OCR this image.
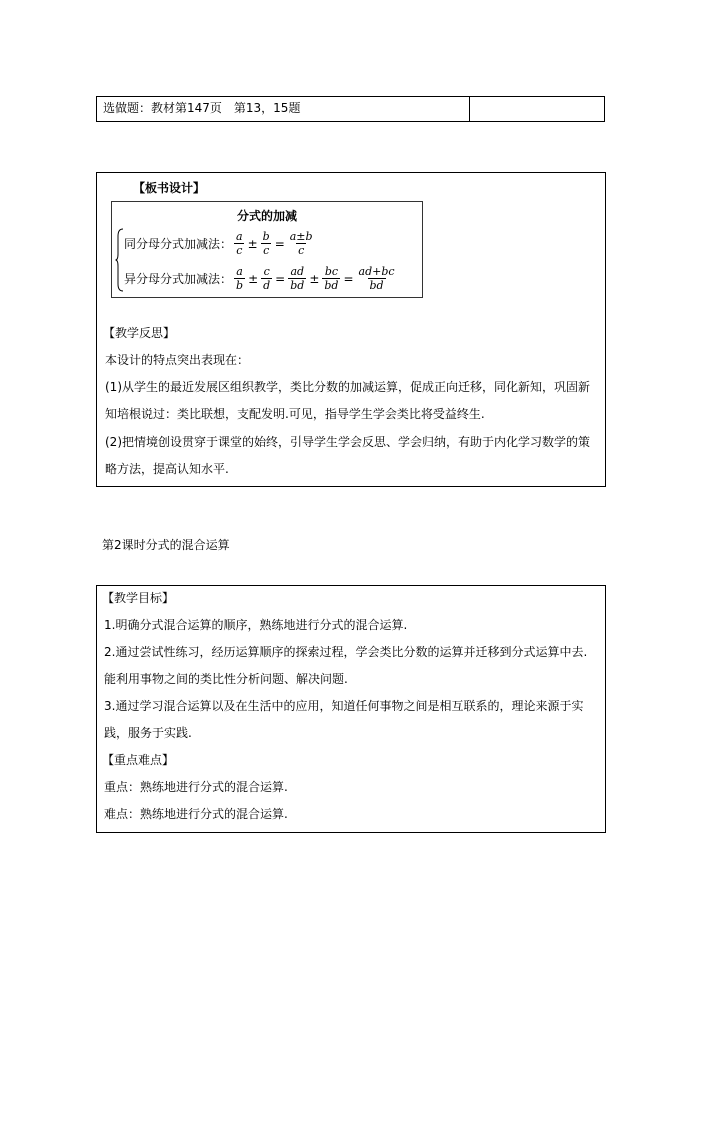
选做题：教材第147页　第13，15题
【板书设计】
分式的加减
同分母分式加减法： $\frac{a}{c} \pm \frac{b}{c} = \frac{a\pm b}{c}$
异分母分式加减法： $\frac{a}{b} \pm \frac{c}{d} = \frac{ad}{bd} \pm \frac{bc}{bd} = \frac{ad+bc}{bd}$
【教学反思】
本设计的特点突出表现在：
(1)从学生的最近发展区组织教学，类比分数的加减运算，促成正向迁移，同化新知，巩固新
知培根说过：类比联想，支配发明.可见，指导学生学会类比将受益终生.
(2)把情境创设贯穿于课堂的始终，引导学生学会反思、学会归纳，有助于内化学习数学的策
略方法，提高认知水平.
第2课时分式的混合运算
【教学目标】
1.明确分式混合运算的顺序，熟练地进行分式的混合运算.
2.通过尝试性练习，经历运算顺序的探索过程，学会类比分数的运算并迁移到分式运算中去.
能利用事物之间的类比性分析问题、解决问题.
3.通过学习混合运算以及在生活中的应用，知道任何事物之间是相互联系的，理论来源于实
践，服务于实践.
【重点难点】
重点：熟练地进行分式的混合运算.
难点：熟练地进行分式的混合运算.
